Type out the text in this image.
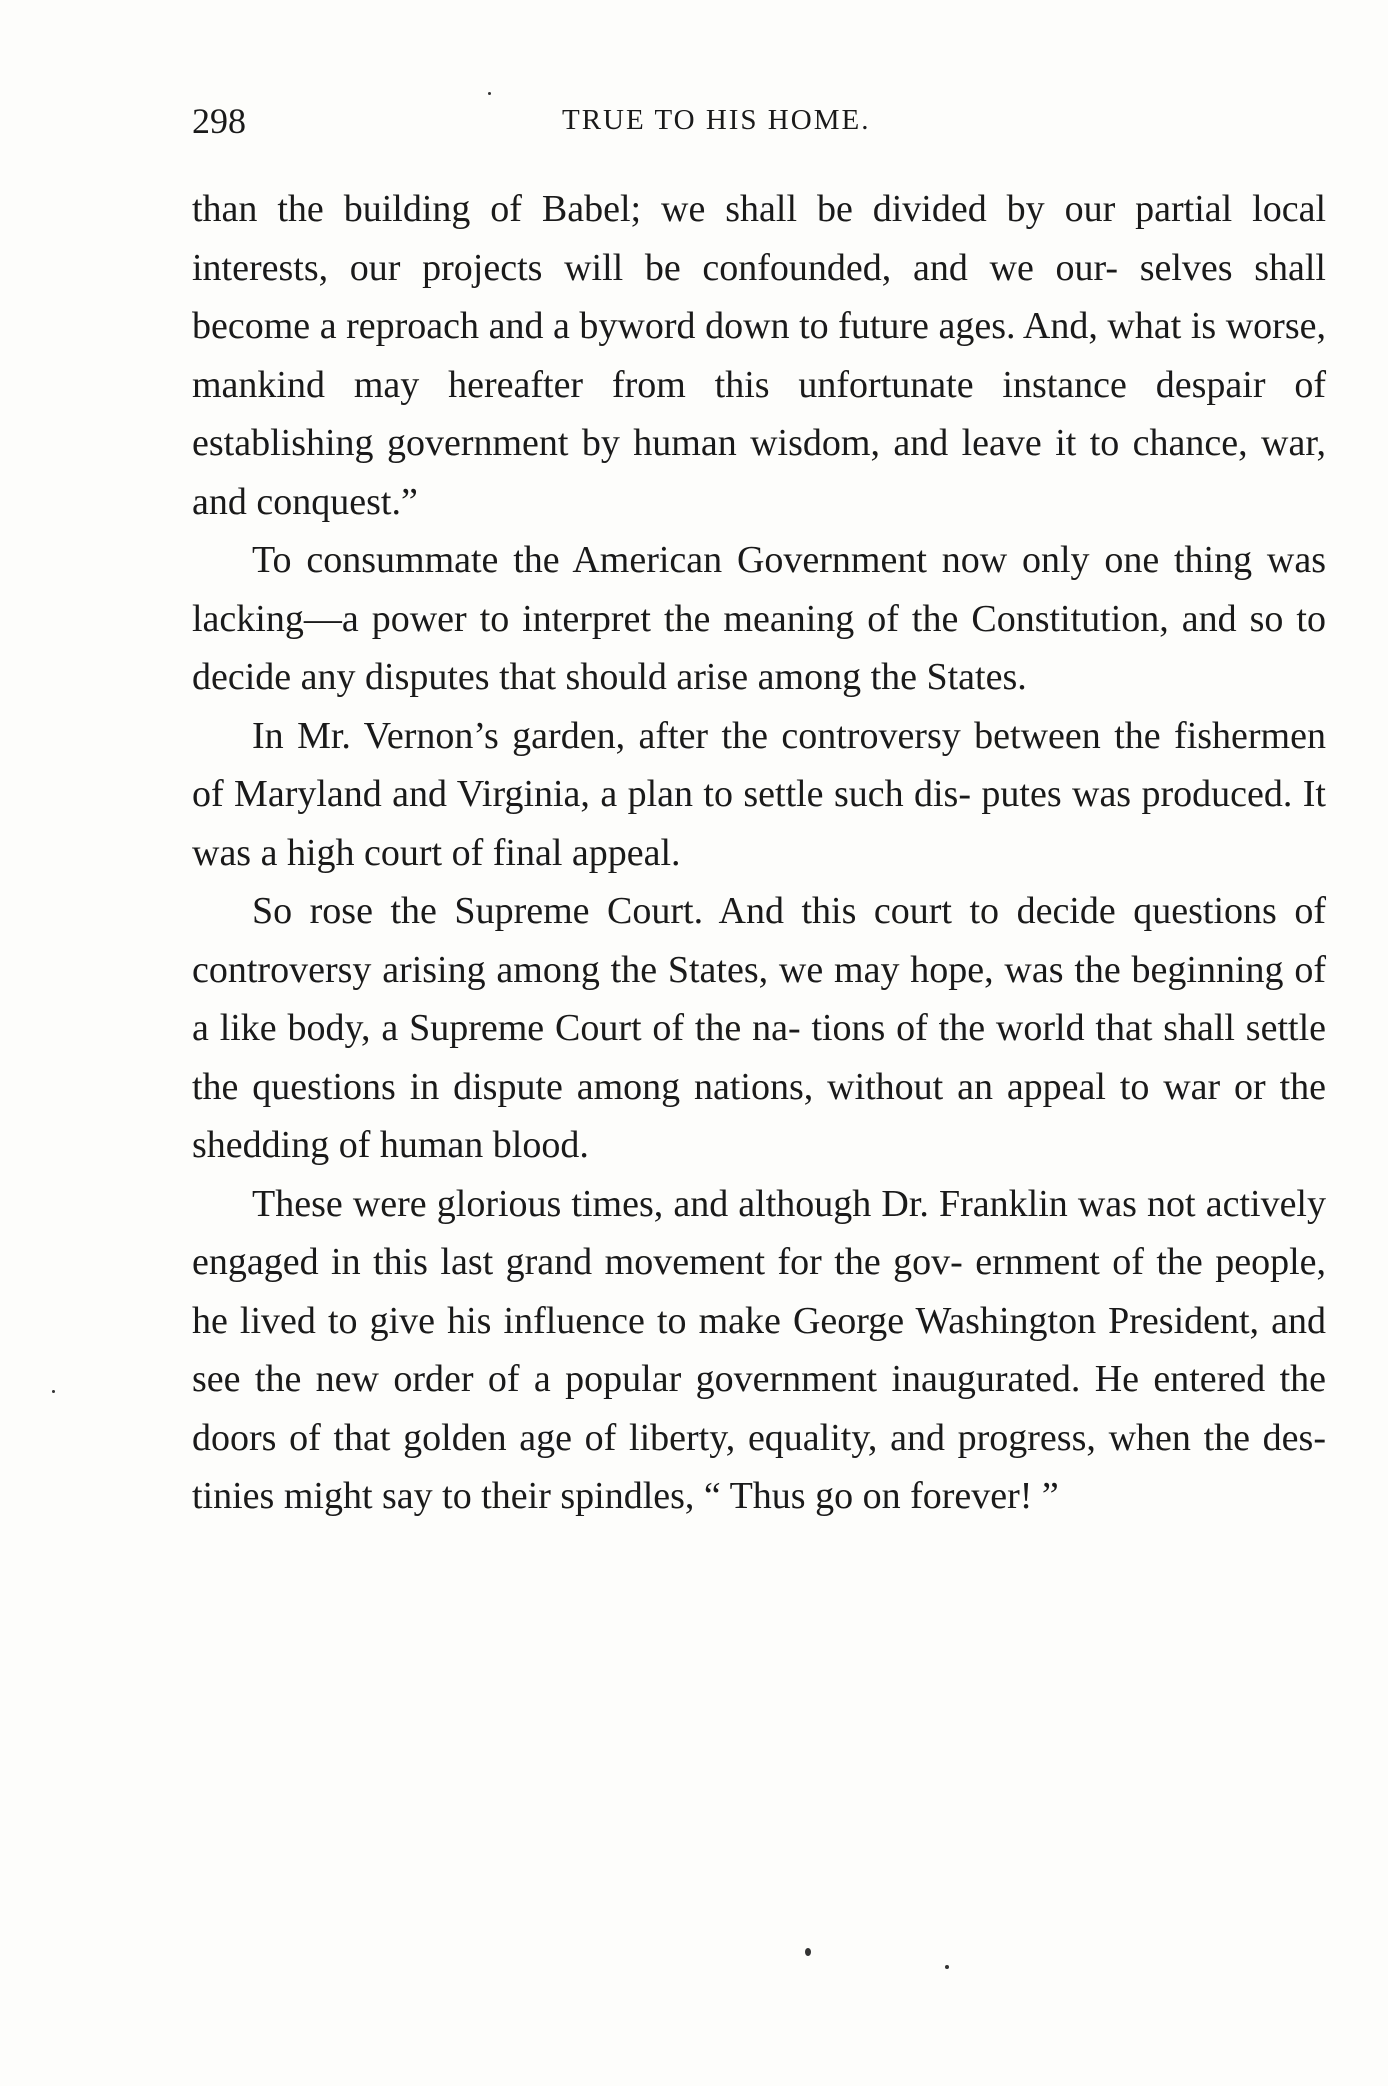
298	TRUE TO HIS HOME.

than the building of Babel; we shall be divided by our partial local interests, our projects will be confounded, and we our- selves shall become a reproach and a byword down to future ages. And, what is worse, mankind may hereafter from this unfortunate instance despair of establishing government by human wisdom, and leave it to chance, war, and conquest.”

To consummate the American Government now only one thing was lacking—a power to interpret the meaning of the Constitution, and so to decide any disputes that should arise among the States.

In Mr. Vernon’s garden, after the controversy between the fishermen of Maryland and Virginia, a plan to settle such dis- putes was produced. It was a high court of final appeal.

So rose the Supreme Court. And this court to decide questions of controversy arising among the States, we may hope, was the beginning of a like body, a Supreme Court of the na- tions of the world that shall settle the questions in dispute among nations, without an appeal to war or the shedding of human blood.

These were glorious times, and although Dr. Franklin was not actively engaged in this last grand movement for the gov- ernment of the people, he lived to give his influence to make George Washington President, and see the new order of a popular government inaugurated. He entered the doors of that golden age of liberty, equality, and progress, when the des- tinies might say to their spindles, “ Thus go on forever! ”
